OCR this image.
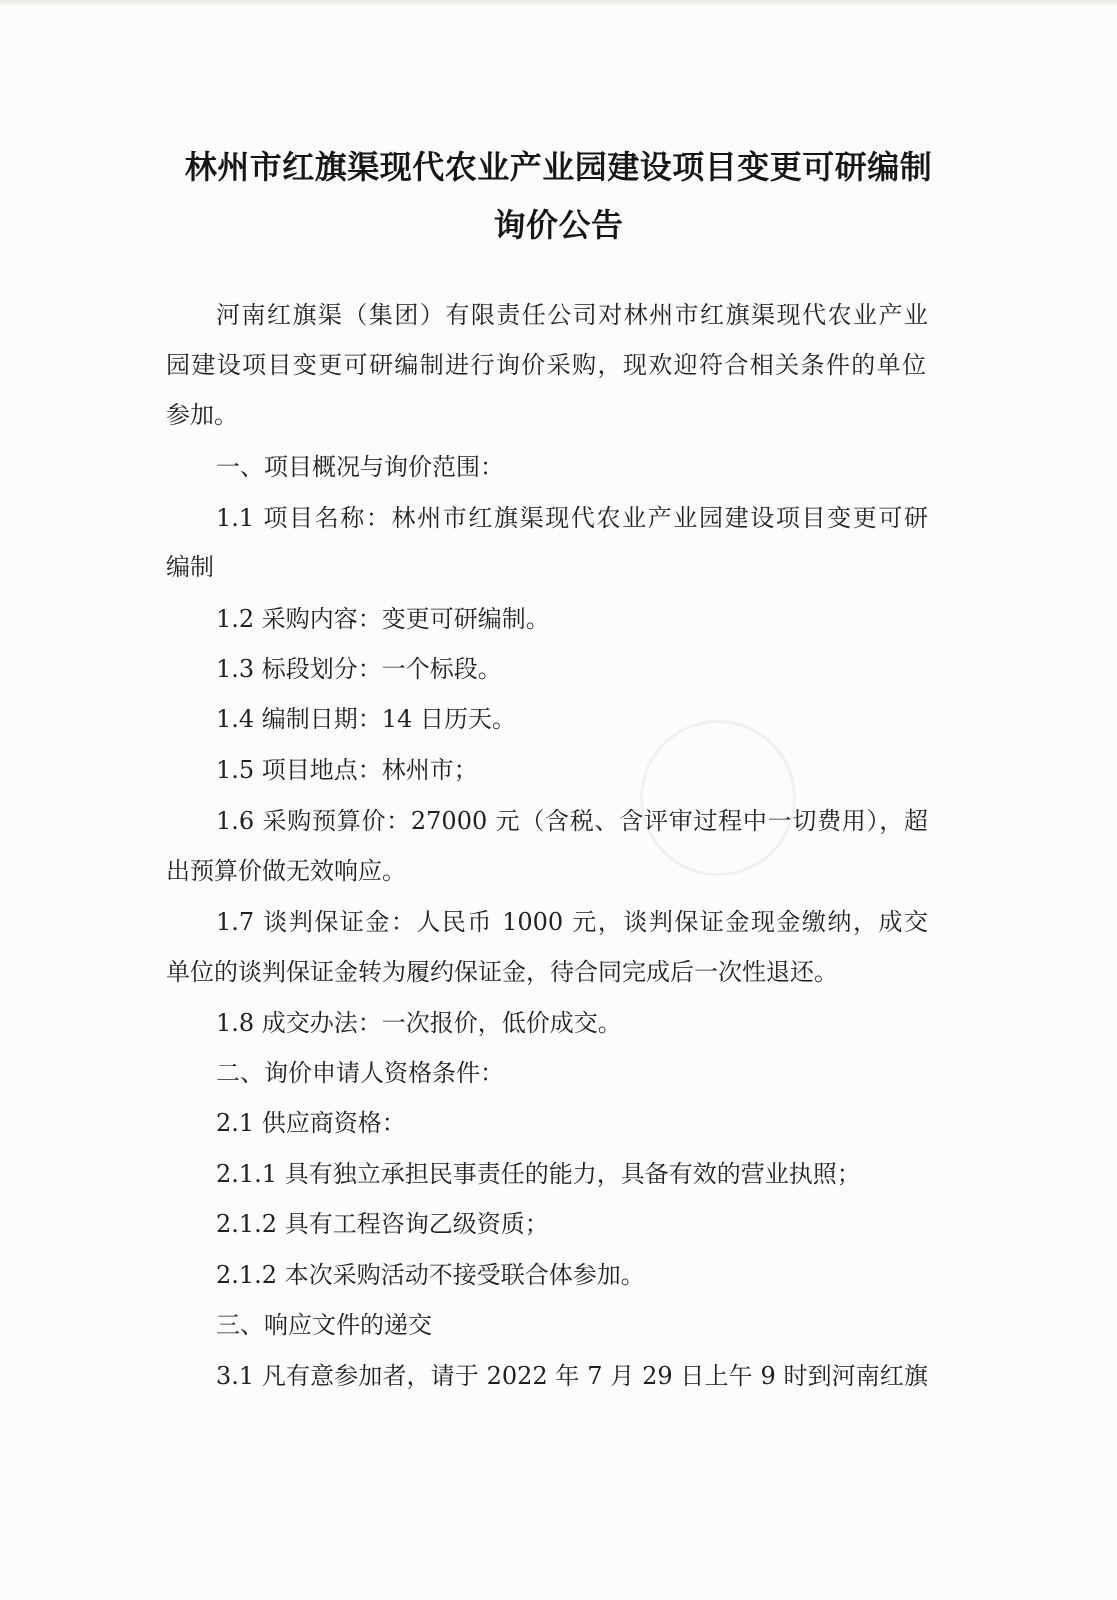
林州市红旗渠现代农业产业园建设项目变更可研编制
询价公告
河南红旗渠（集团）有限责任公司对林州市红旗渠现代农业产业
园建设项目变更可研编制进行询价采购，现欢迎符合相关条件的单位
参加。
一、项目概况与询价范围：
1.1 项目名称：林州市红旗渠现代农业产业园建设项目变更可研
编制
1.2 采购内容：变更可研编制。
1.3 标段划分：一个标段。
1.4 编制日期：14 日历天。
1.5 项目地点：林州市；
1.6 采购预算价：27000 元（含税、含评审过程中一切费用），超
出预算价做无效响应。
1.7 谈判保证金：人民币 1000 元，谈判保证金现金缴纳，成交
单位的谈判保证金转为履约保证金，待合同完成后一次性退还。
1.8 成交办法：一次报价，低价成交。
二、询价申请人资格条件：
2.1 供应商资格：
2.1.1 具有独立承担民事责任的能力，具备有效的营业执照；
2.1.2 具有工程咨询乙级资质；
2.1.2 本次采购活动不接受联合体参加。
三、响应文件的递交
3.1 凡有意参加者，请于 2022 年 7 月 29 日上午 9 时到河南红旗
